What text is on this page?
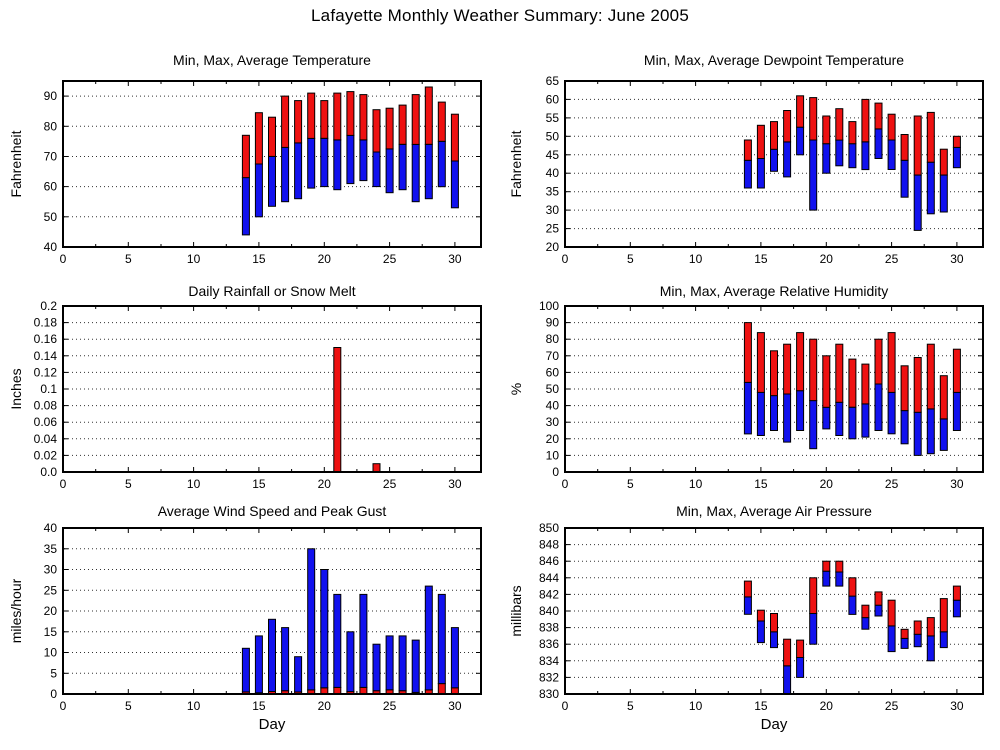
Lafayette Monthly Weather Summary: June 2005
Min, Max, Average Temperature
Fahrenheit
40
50
60
70
80
90
0	5	10	15	20	25	30
Min, Max, Average Dewpoint Temperature
Fahrenheit
20
25
30
35
40
45
50
55
60
65
0	5	10	15	20	25	30
Daily Rainfall or Snow Melt
Inches
0.0
0.02
0.04
0.06
0.08
0.1
0.12
0.14
0.16
0.18
0.2
0	5	10	15	20	25	30
Min, Max, Average Relative Humidity
%
0
10
20
30
40
50
60
70
80
90
100
0	5	10	15	20	25	30
Average Wind Speed and Peak Gust
miles/hour
Day
0
5
10
15
20
25
30
35
40
0	5	10	15	20	25	30
Min, Max, Average Air Pressure
millibars
Day
830
832
834
836
838
840
842
844
846
848
850
0	5	10	15	20	25	30
